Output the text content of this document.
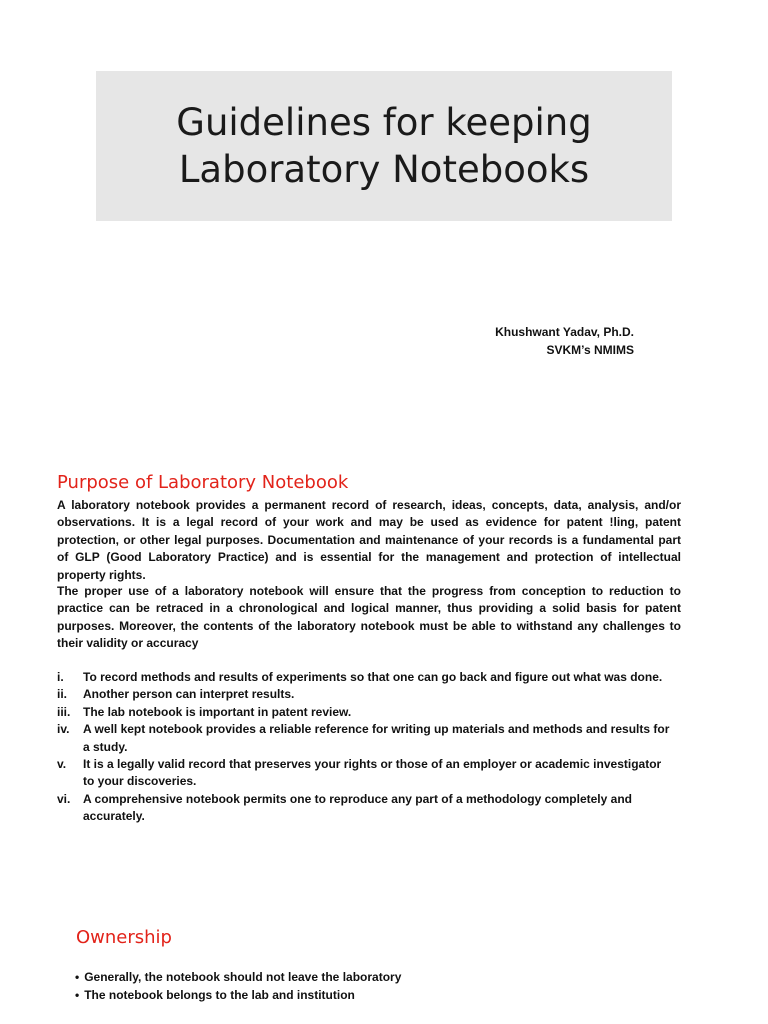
Guidelines for keeping
Laboratory Notebooks
Khushwant Yadav, Ph.D.
SVKM’s NMIMS
Purpose of Laboratory Notebook
A laboratory notebook provides a permanent record of research, ideas, concepts, data, analysis, and/or observations. It is a legal record of your work and may be used as evidence for patent !ling, patent protection, or other legal purposes. Documentation and maintenance of your records is a fundamental part of GLP (Good Laboratory Practice) and is essential for the management and protection of intellectual property rights.
The proper use of a laboratory notebook will ensure that the progress from conception to reduction to practice can be retraced in a chronological and logical manner, thus providing a solid basis for patent purposes. Moreover, the contents of the laboratory notebook must be able to withstand any challenges to their validity or accuracy
i.	To record methods and results of experiments so that one can go back and figure out what was done.
ii.	Another person can interpret results.
iii.	The lab notebook is important in patent review.
iv.	A well kept notebook provides a reliable reference for writing up materials and methods and results for a study.
v.	It is a legally valid record that preserves your rights or those of an employer or academic investigator to your discoveries.
vi.	A comprehensive notebook permits one to reproduce any part of a methodology completely and accurately.
Ownership
• Generally, the notebook should not leave the laboratory
• The notebook belongs to the lab and institution
